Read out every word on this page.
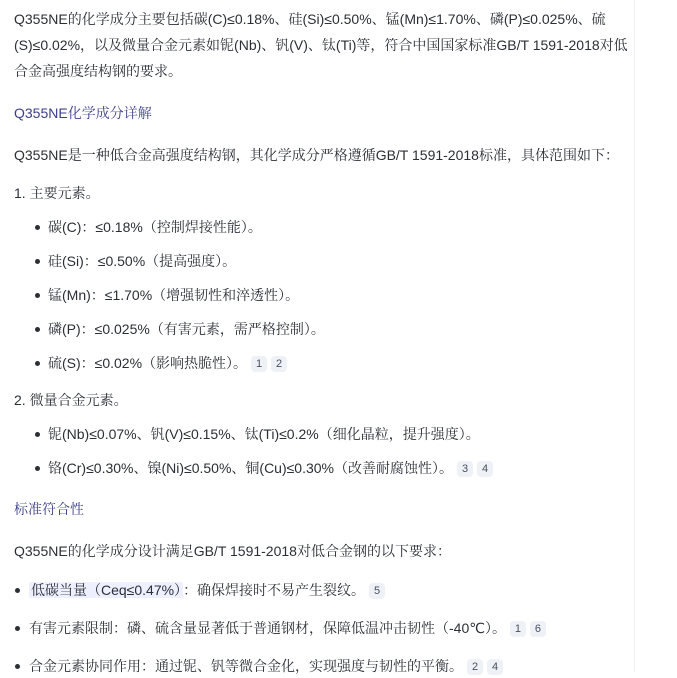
Q355NE的化学成分主要包括碳(C)≤0.18%、硅(Si)≤0.50%、锰(Mn)≤1.70%、磷(P)≤0.025%、硫(S)≤0.02%，以及微量合金元素如铌(Nb)、钒(V)、钛(Ti)等，符合中国国家标准GB/T 1591-2018对低合金高强度结构钢的要求。

Q355NE化学成分详解

Q355NE是一种低合金高强度结构钢，其化学成分严格遵循GB/T 1591-2018标准，具体范围如下：

1. 主要元素。
碳(C)：≤0.18%（控制焊接性能）。
硅(Si)：≤0.50%（提高强度）。
锰(Mn)：≤1.70%（增强韧性和淬透性）。
磷(P)：≤0.025%（有害元素，需严格控制）。
硫(S)：≤0.02%（影响热脆性）。 1 2
2. 微量合金元素。
铌(Nb)≤0.07%、钒(V)≤0.15%、钛(Ti)≤0.2%（细化晶粒，提升强度）。
铬(Cr)≤0.30%、镍(Ni)≤0.50%、铜(Cu)≤0.30%（改善耐腐蚀性）。 3 4
标准符合性

Q355NE的化学成分设计满足GB/T 1591-2018对低合金钢的以下要求：

低碳当量（Ceq≤0.47%） ：确保焊接时不易产生裂纹。 5
有害元素限制：磷、硫含量显著低于普通钢材，保障低温冲击韧性（-40℃）。 1 6
合金元素协同作用：通过铌、钒等微合金化，实现强度与韧性的平衡。 2 4
